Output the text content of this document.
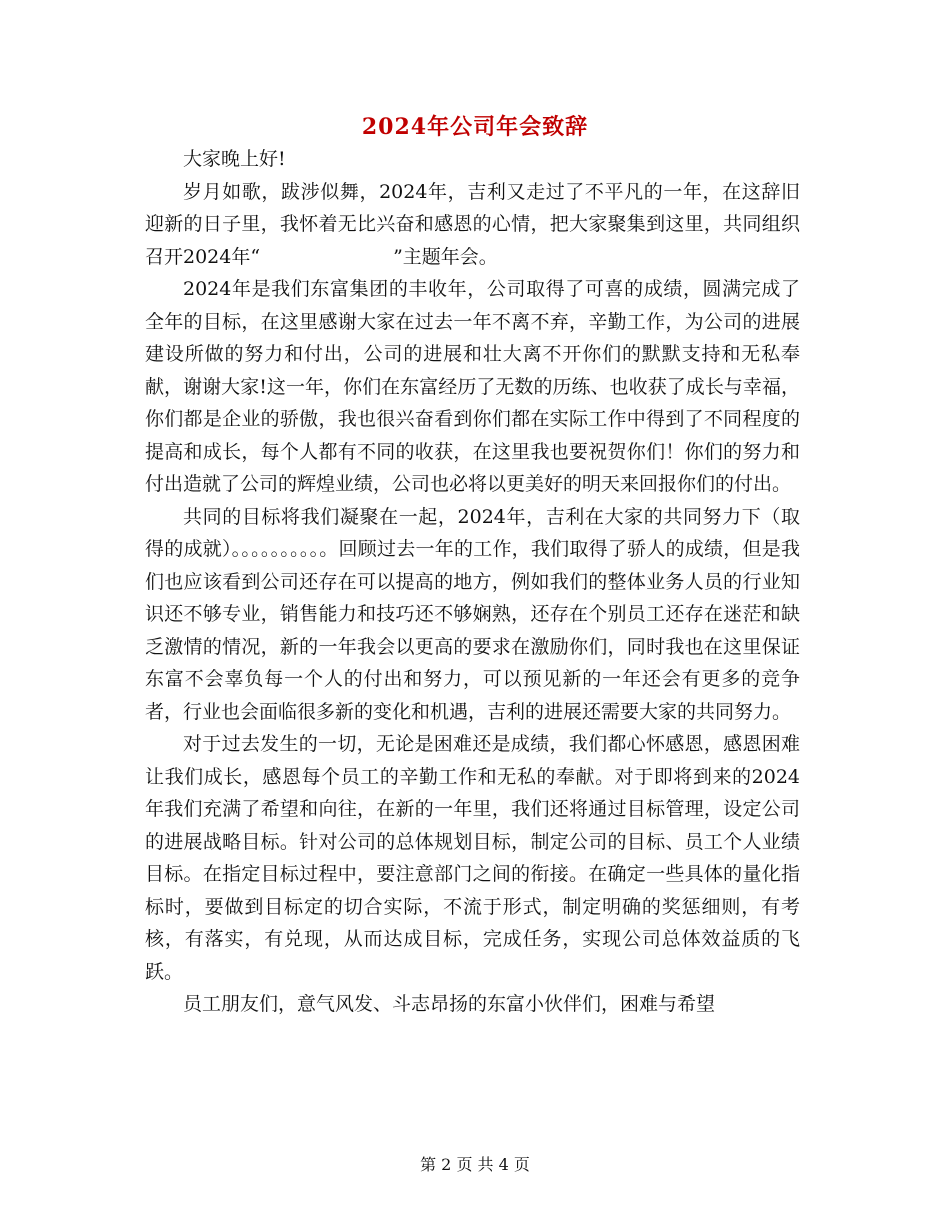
2024年公司年会致辞

大家晚上好!

岁月如歌，跋涉似舞，2024年，吉利又走过了不平凡的一年，在这辞旧迎新的日子里，我怀着无比兴奋和感恩的心情，把大家聚集到这里，共同组织召开2024年“　　　　　　　”主题年会。

2024年是我们东富集团的丰收年，公司取得了可喜的成绩，圆满完成了全年的目标，在这里感谢大家在过去一年不离不弃，辛勤工作，为公司的进展建设所做的努力和付出，公司的进展和壮大离不开你们的默默支持和无私奉献，谢谢大家!这一年，你们在东富经历了无数的历练、也收获了成长与幸福，你们都是企业的骄傲，我也很兴奋看到你们都在实际工作中得到了不同程度的提高和成长，每个人都有不同的收获，在这里我也要祝贺你们！你们的努力和付出造就了公司的辉煌业绩，公司也必将以更美好的明天来回报你们的付出。

共同的目标将我们凝聚在一起，2024年，吉利在大家的共同努力下（取得的成就）。。。。。。。。。。回顾过去一年的工作，我们取得了骄人的成绩，但是我们也应该看到公司还存在可以提高的地方，例如我们的整体业务人员的行业知识还不够专业，销售能力和技巧还不够娴熟，还存在个别员工还存在迷茫和缺乏激情的情况，新的一年我会以更高的要求在激励你们，同时我也在这里保证东富不会辜负每一个人的付出和努力，可以预见新的一年还会有更多的竞争者，行业也会面临很多新的变化和机遇，吉利的进展还需要大家的共同努力。

对于过去发生的一切，无论是困难还是成绩，我们都心怀感恩，感恩困难让我们成长，感恩每个员工的辛勤工作和无私的奉献。对于即将到来的2024年我们充满了希望和向往，在新的一年里，我们还将通过目标管理，设定公司的进展战略目标。针对公司的总体规划目标，制定公司的目标、员工个人业绩目标。在指定目标过程中，要注意部门之间的衔接。在确定一些具体的量化指标时，要做到目标定的切合实际，不流于形式，制定明确的奖惩细则，有考核，有落实，有兑现，从而达成目标，完成任务，实现公司总体效益质的飞跃。

员工朋友们，意气风发、斗志昂扬的东富小伙伴们，困难与希望

第 2 页 共 4 页
